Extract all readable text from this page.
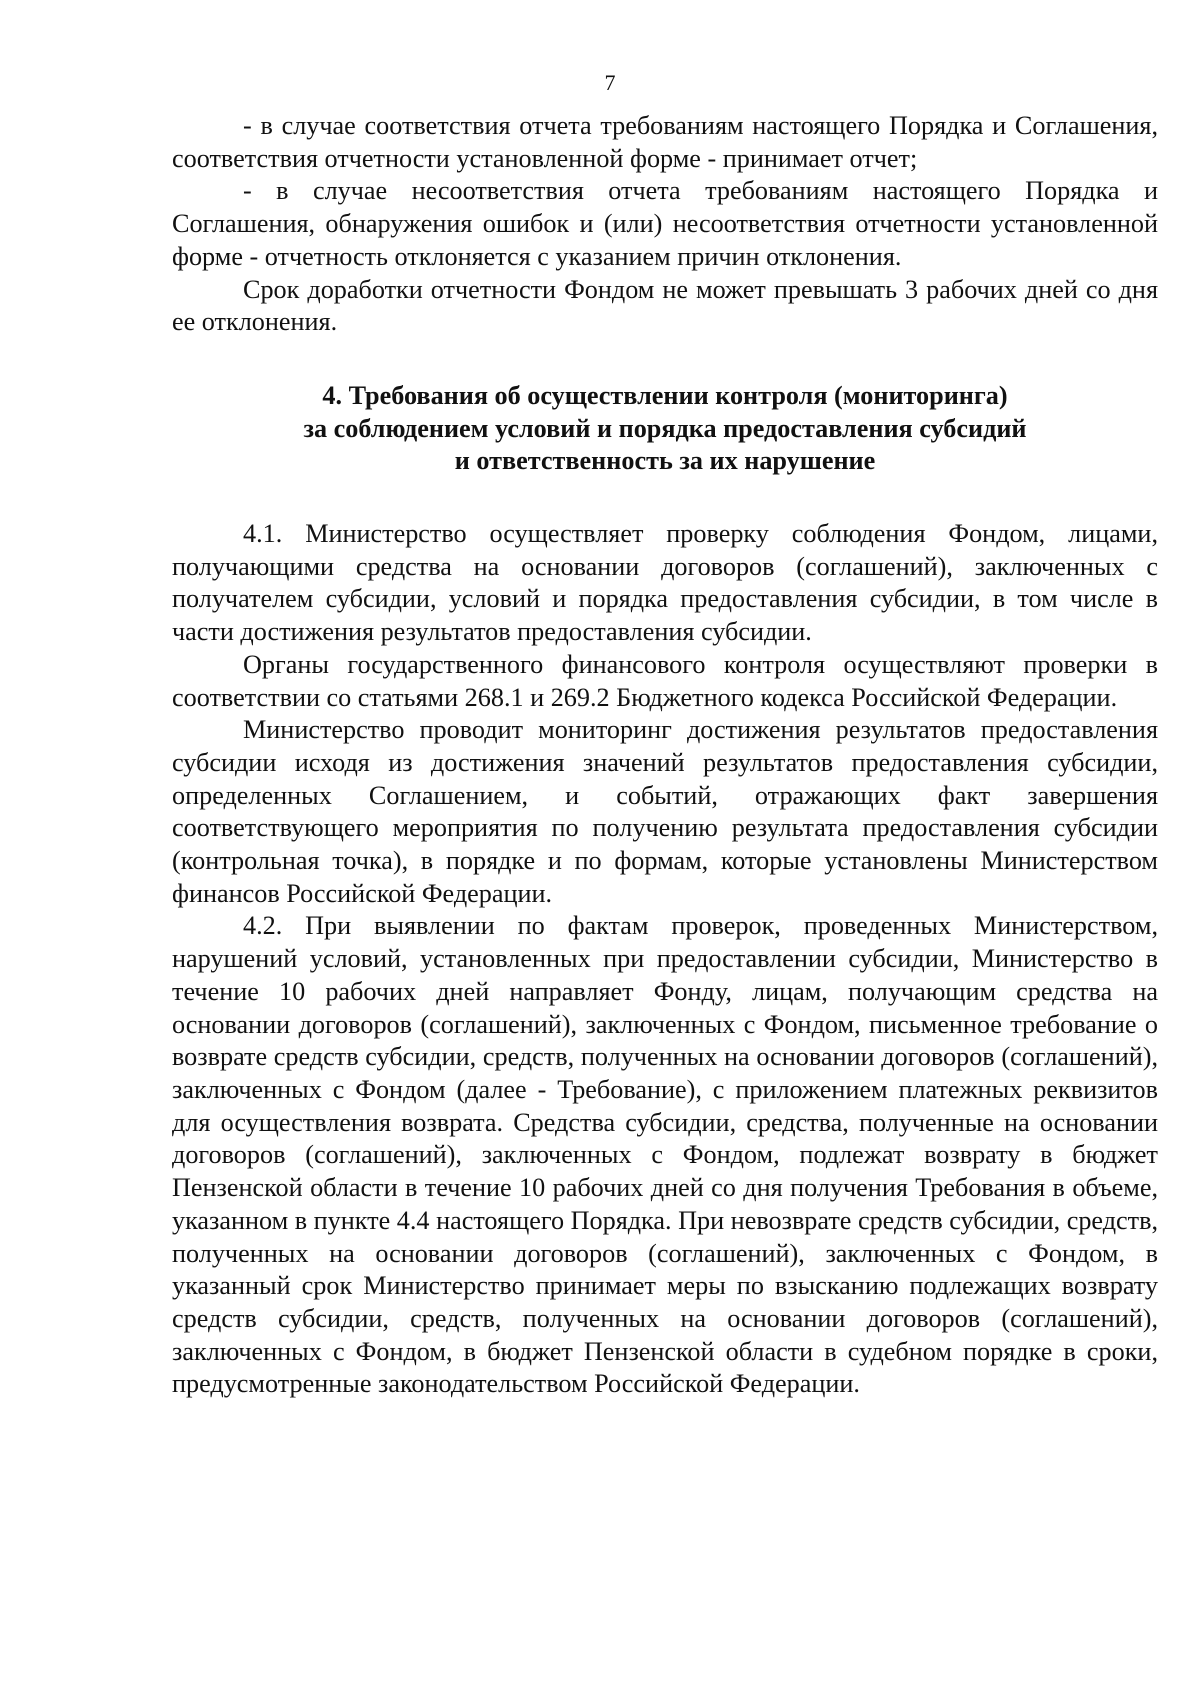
7

- в случае соответствия отчета требованиям настоящего Порядка и Соглашения, соответствия отчетности установленной форме - принимает отчет;

- в случае несоответствия отчета требованиям настоящего Порядка и Соглашения, обнаружения ошибок и (или) несоответствия отчетности установленной форме - отчетность отклоняется с указанием причин отклонения.

Срок доработки отчетности Фондом не может превышать 3 рабочих дней со дня ее отклонения.

4. Требования об осуществлении контроля (мониторинга)
за соблюдением условий и порядка предоставления субсидий
и ответственность за их нарушение

4.1. Министерство осуществляет проверку соблюдения Фондом, лицами, получающими средства на основании договоров (соглашений), заключенных с получателем субсидии, условий и порядка предоставления субсидии, в том числе в части достижения результатов предоставления субсидии.

Органы государственного финансового контроля осуществляют проверки в соответствии со статьями 268.1 и 269.2 Бюджетного кодекса Российской Федерации.

Министерство проводит мониторинг достижения результатов предоставления субсидии исходя из достижения значений результатов предоставления субсидии, определенных Соглашением, и событий, отражающих факт завершения соответствующего мероприятия по получению результата предоставления субсидии (контрольная точка), в порядке и по формам, которые установлены Министерством финансов Российской Федерации.

4.2. При выявлении по фактам проверок, проведенных Министерством, нарушений условий, установленных при предоставлении субсидии, Министерство в течение 10 рабочих дней направляет Фонду, лицам, получающим средства на основании договоров (соглашений), заключенных с Фондом, письменное требование о возврате средств субсидии, средств, полученных на основании договоров (соглашений), заключенных с Фондом (далее - Требование), с приложением платежных реквизитов для осуществления возврата. Средства субсидии, средства, полученные на основании договоров (соглашений), заключенных с Фондом, подлежат возврату в бюджет Пензенской области в течение 10 рабочих дней со дня получения Требования в объеме, указанном в пункте 4.4 настоящего Порядка. При невозврате средств субсидии, средств, полученных на основании договоров (соглашений), заключенных с Фондом, в указанный срок Министерство принимает меры по взысканию подлежащих возврату средств субсидии, средств, полученных на основании договоров (соглашений), заключенных с Фондом, в бюджет Пензенской области в судебном порядке в сроки, предусмотренные законодательством Российской Федерации.
